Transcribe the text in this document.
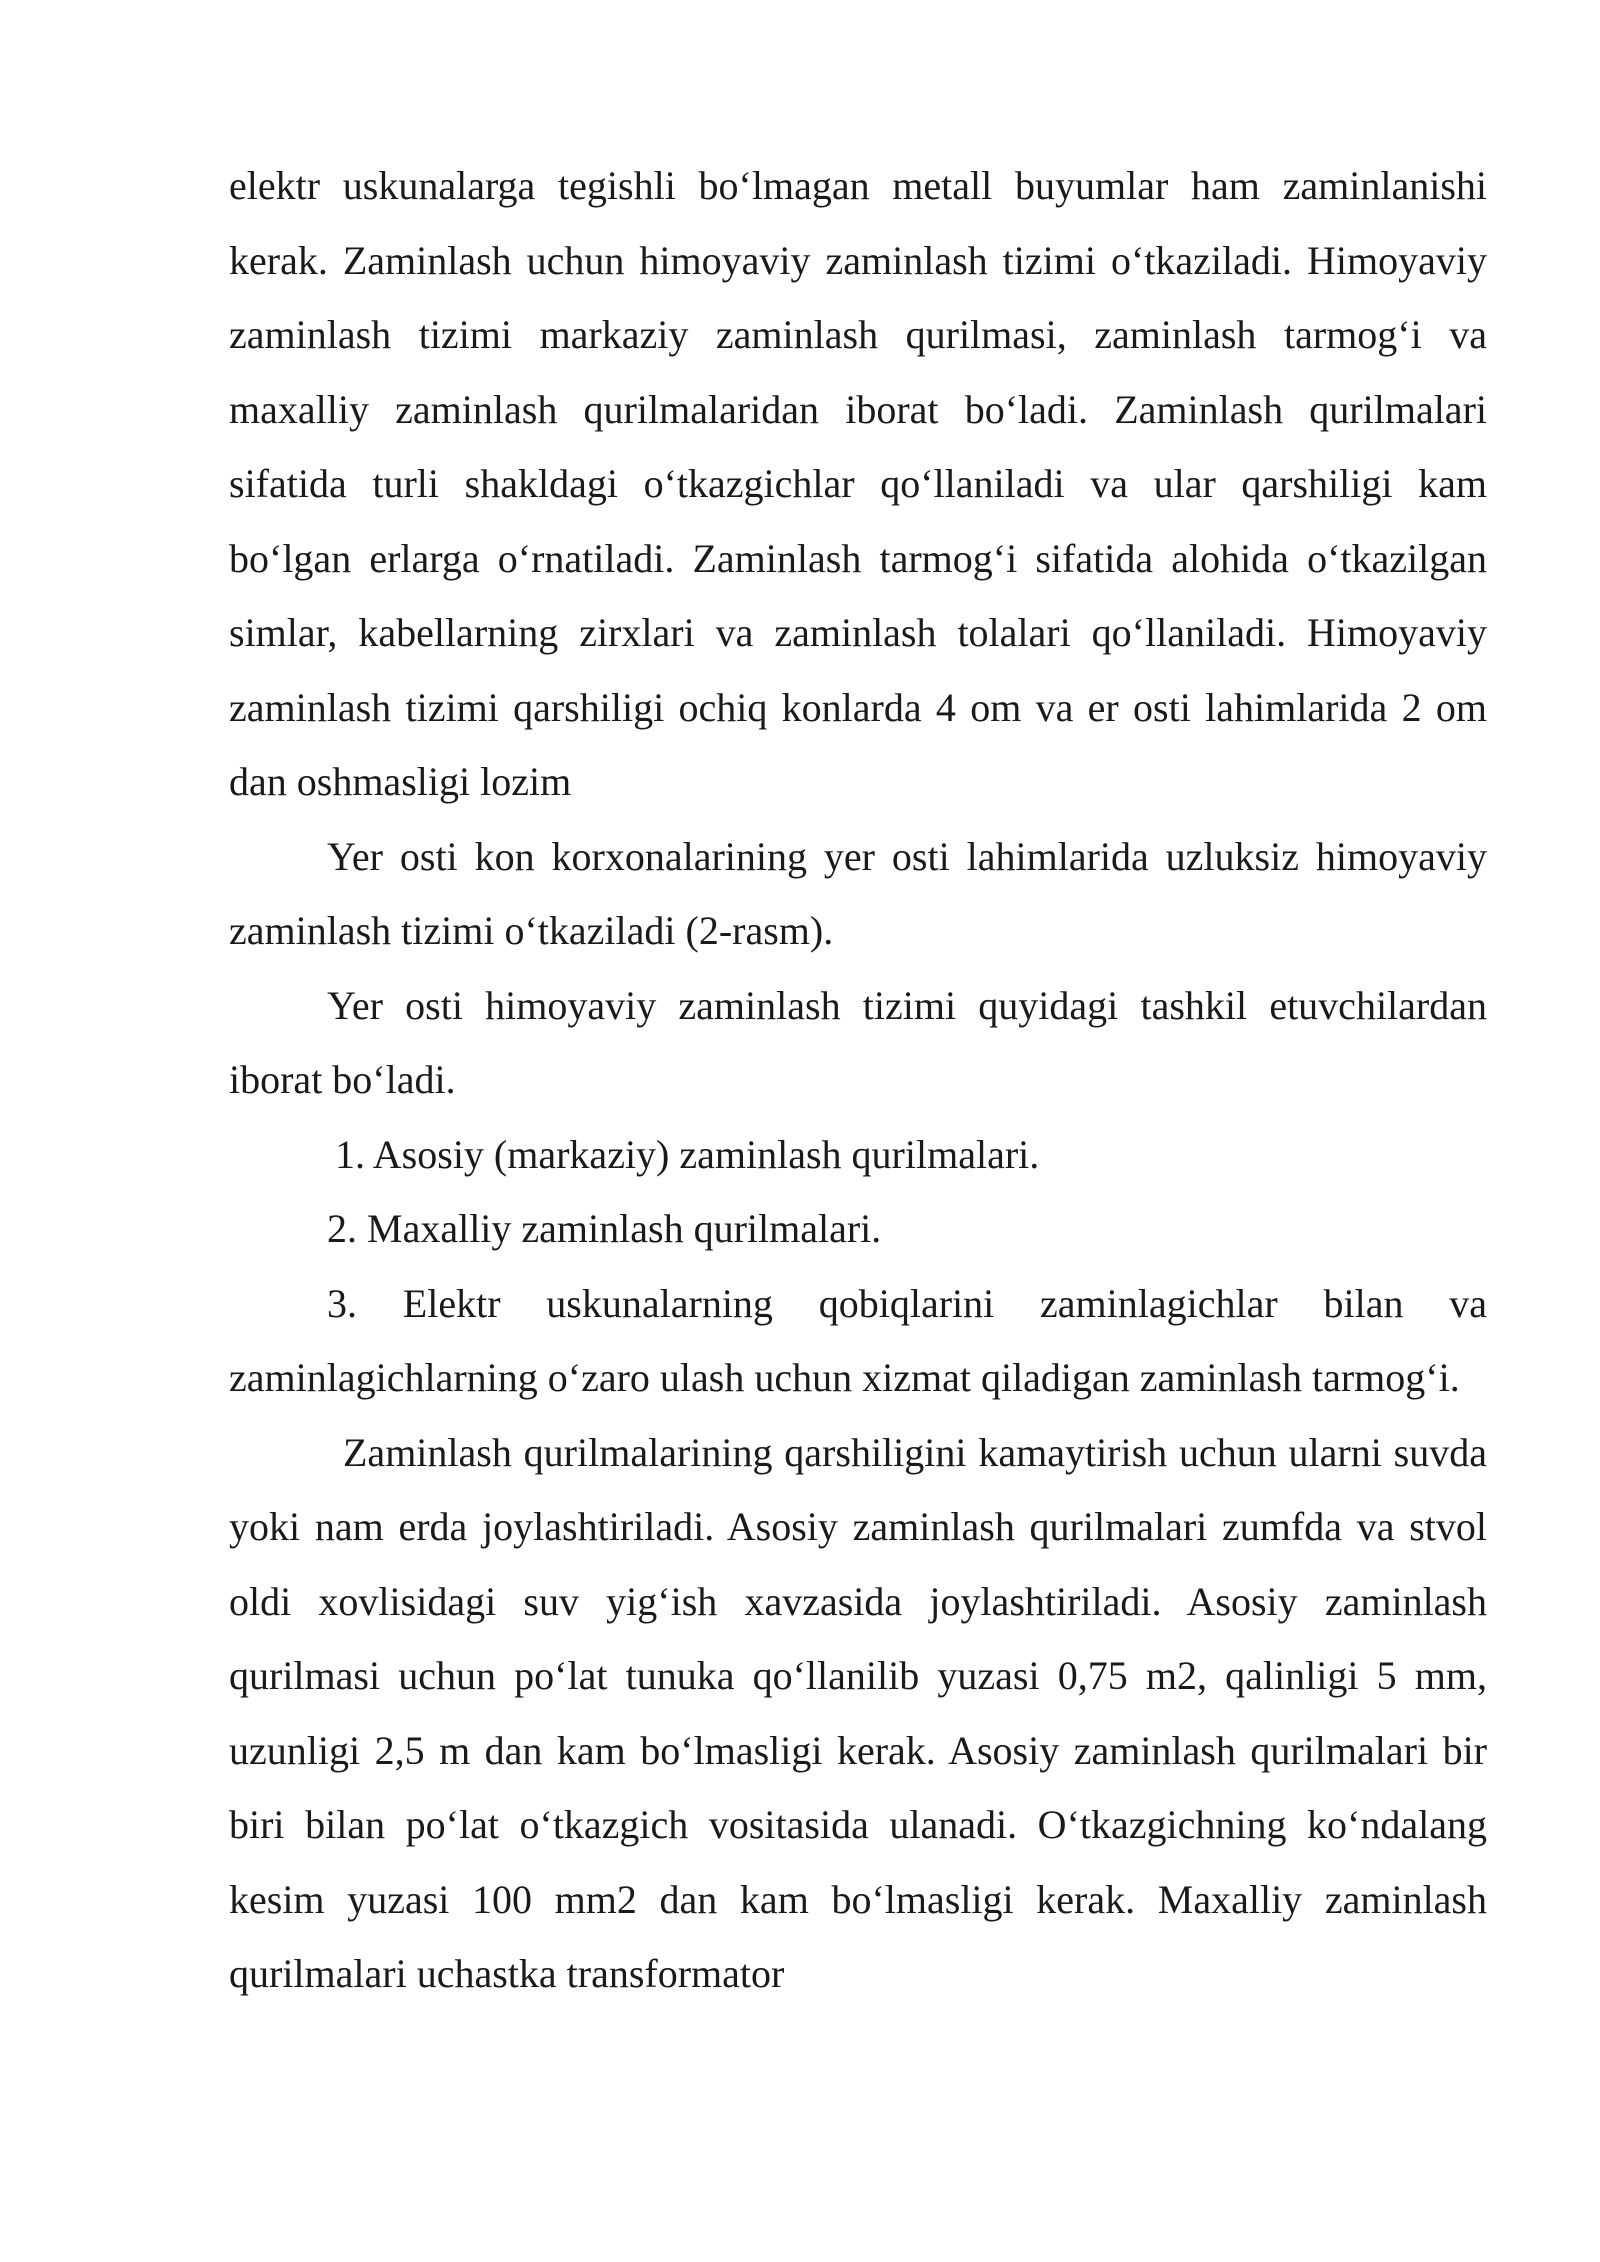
elektr uskunalarga tegishli bo‘lmagan metall buyumlar ham zaminlanishi kerak. Zaminlash uchun himoyaviy zaminlash tizimi o‘tkaziladi. Himoyaviy zaminlash tizimi markaziy zaminlash qurilmasi, zaminlash tarmog‘i va maxalliy zaminlash qurilmalaridan iborat bo‘ladi. Zaminlash qurilmalari sifatida turli shakldagi o‘tkazgichlar qo‘llaniladi va ular qarshiligi kam bo‘lgan erlarga o‘rnatiladi. Zaminlash tarmog‘i sifatida alohida o‘tkazilgan simlar, kabellarning zirxlari va zaminlash tolalari qo‘llaniladi. Himoyaviy zaminlash tizimi qarshiligi ochiq konlarda 4 om va er osti lahimlarida 2 om dan oshmasligi lozim

Yer osti kon korxonalarining yer osti lahimlarida uzluksiz himoyaviy zaminlash tizimi o‘tkaziladi (2-rasm).

Yer osti himoyaviy zaminlash tizimi quyidagi tashkil etuvchilardan iborat bo‘ladi.

1. Asosiy (markaziy) zaminlash qurilmalari.

2. Maxalliy zaminlash qurilmalari.

3. Elektr uskunalarning qobiqlarini zaminlagichlar bilan va zaminlagichlarning o‘zaro ulash uchun xizmat qiladigan zaminlash tarmog‘i.

Zaminlash qurilmalarining qarshiligini kamaytirish uchun ularni suvda yoki nam erda joylashtiriladi. Asosiy zaminlash qurilmalari zumfda va stvol oldi xovlisidagi suv yig‘ish xavzasida joylashtiriladi. Asosiy zaminlash qurilmasi uchun po‘lat tunuka qo‘llanilib yuzasi 0,75 m2, qalinligi 5 mm, uzunligi 2,5 m dan kam bo‘lmasligi kerak. Asosiy zaminlash qurilmalari bir biri bilan po‘lat o‘tkazgich vositasida ulanadi. O‘tkazgichning ko‘ndalang kesim yuzasi 100 mm2 dan kam bo‘lmasligi kerak. Maxalliy zaminlash qurilmalari uchastka transformator
